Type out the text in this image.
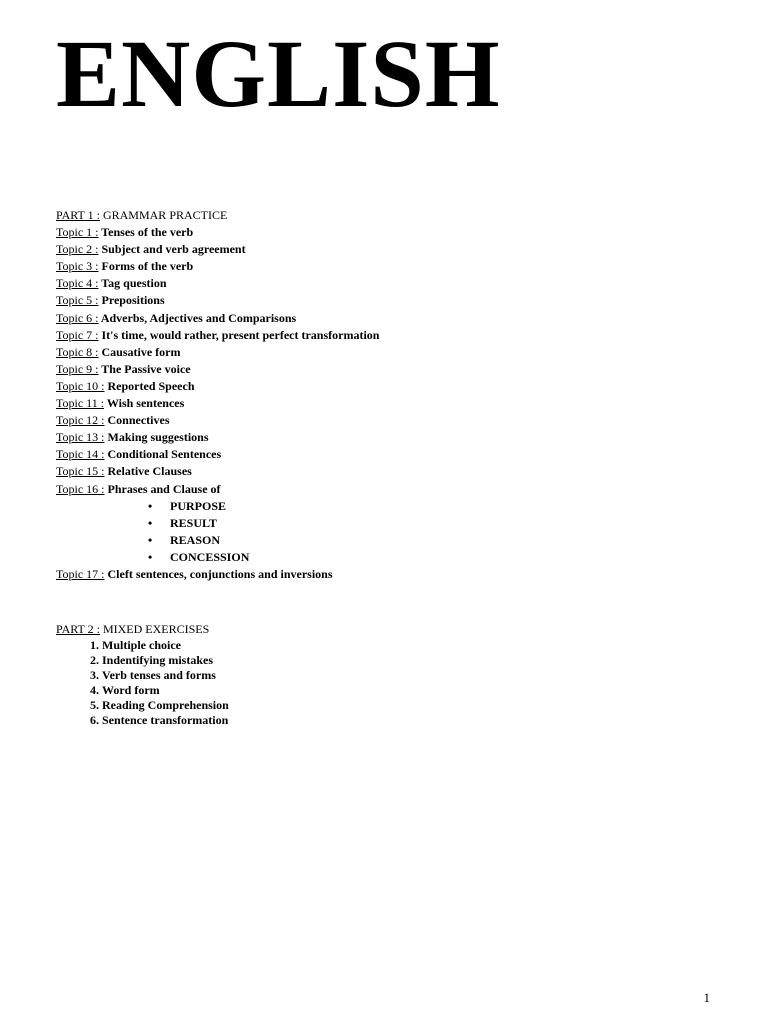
ENGLISH
PART 1 : GRAMMAR PRACTICE
Topic 1 : Tenses of the verb
Topic 2 : Subject and verb agreement
Topic 3 : Forms of the verb
Topic 4 : Tag question
Topic 5 : Prepositions
Topic 6 : Adverbs, Adjectives and Comparisons
Topic 7 : It's time, would rather, present perfect transformation
Topic 8 : Causative form
Topic 9 : The Passive voice
Topic 10 : Reported Speech
Topic 11 : Wish sentences
Topic 12 : Connectives
Topic 13 : Making suggestions
Topic 14 : Conditional Sentences
Topic 15 : Relative Clauses
Topic 16 : Phrases and Clause of
• PURPOSE
• RESULT
• REASON
• CONCESSION
Topic 17 : Cleft sentences, conjunctions and inversions
PART 2 : MIXED EXERCISES
1. Multiple choice
2. Indentifying mistakes
3. Verb tenses and forms
4. Word form
5. Reading Comprehension
6. Sentence transformation
1
